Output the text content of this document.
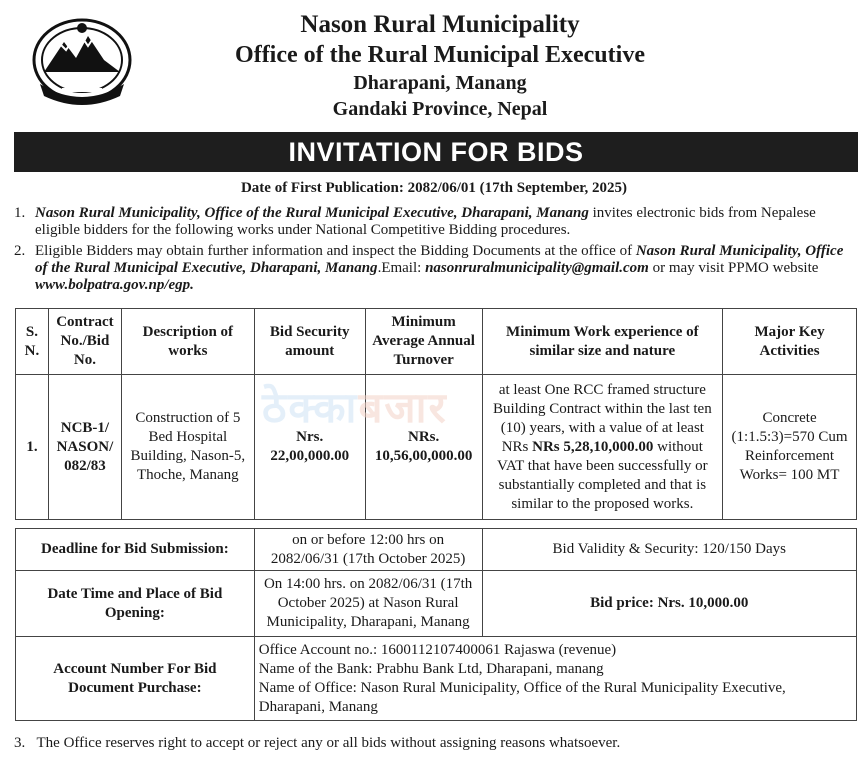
Nason Rural Municipality
Office of the Rural Municipal Executive
Dharapani, Manang
Gandaki Province, Nepal
INVITATION FOR BIDS
Date of First Publication: 2082/06/01 (17th September, 2025)
1. Nason Rural Municipality, Office of the Rural Municipal Executive, Dharapani, Manang invites electronic bids from Nepalese eligible bidders for the following works under National Competitive Bidding procedures.
2. Eligible Bidders may obtain further information and inspect the Bidding Documents at the office of Nason Rural Municipality, Office of the Rural Municipal Executive, Dharapani, Manang.Email: nasonruralmunicipality@gmail.com or may visit PPMO website www.bolpatra.gov.np/egp.
S. N.	Contract No./Bid No.	Description of works	Bid Security amount	Minimum Average Annual Turnover	Minimum Work experience of similar size and nature	Major Key Activities
1.	NCB-1/ NASON/ 082/83	Construction of 5 Bed Hospital Building, Nason-5, Thoche, Manang	Nrs. 22,00,000.00	NRs. 10,56,00,000.00	at least One RCC framed structure Building Contract within the last ten (10) years, with a value of at least NRs NRs 5,28,10,000.00 without VAT that have been successfully or substantially completed and that is similar to the proposed works.	Concrete (1:1.5:3)=570 Cum Reinforcement Works= 100 MT
ठेक्काबजार
Deadline for Bid Submission:	on or before 12:00 hrs on 2082/06/31 (17th October 2025)	Bid Validity & Security: 120/150 Days
Date Time and Place of Bid Opening:	On 14:00 hrs. on 2082/06/31 (17th October 2025) at Nason Rural Municipality, Dharapani, Manang	Bid price: Nrs. 10,000.00
Account Number For Bid Document Purchase:	Office Account no.: 1600112107400061 Rajaswa (revenue)
Name of the Bank: Prabhu Bank Ltd, Dharapani, manang
Name of Office: Nason Rural Municipality, Office of the Rural Municipality Executive, Dharapani, Manang	
3. The Office reserves right to accept or reject any or all bids without assigning reasons whatsoever.
